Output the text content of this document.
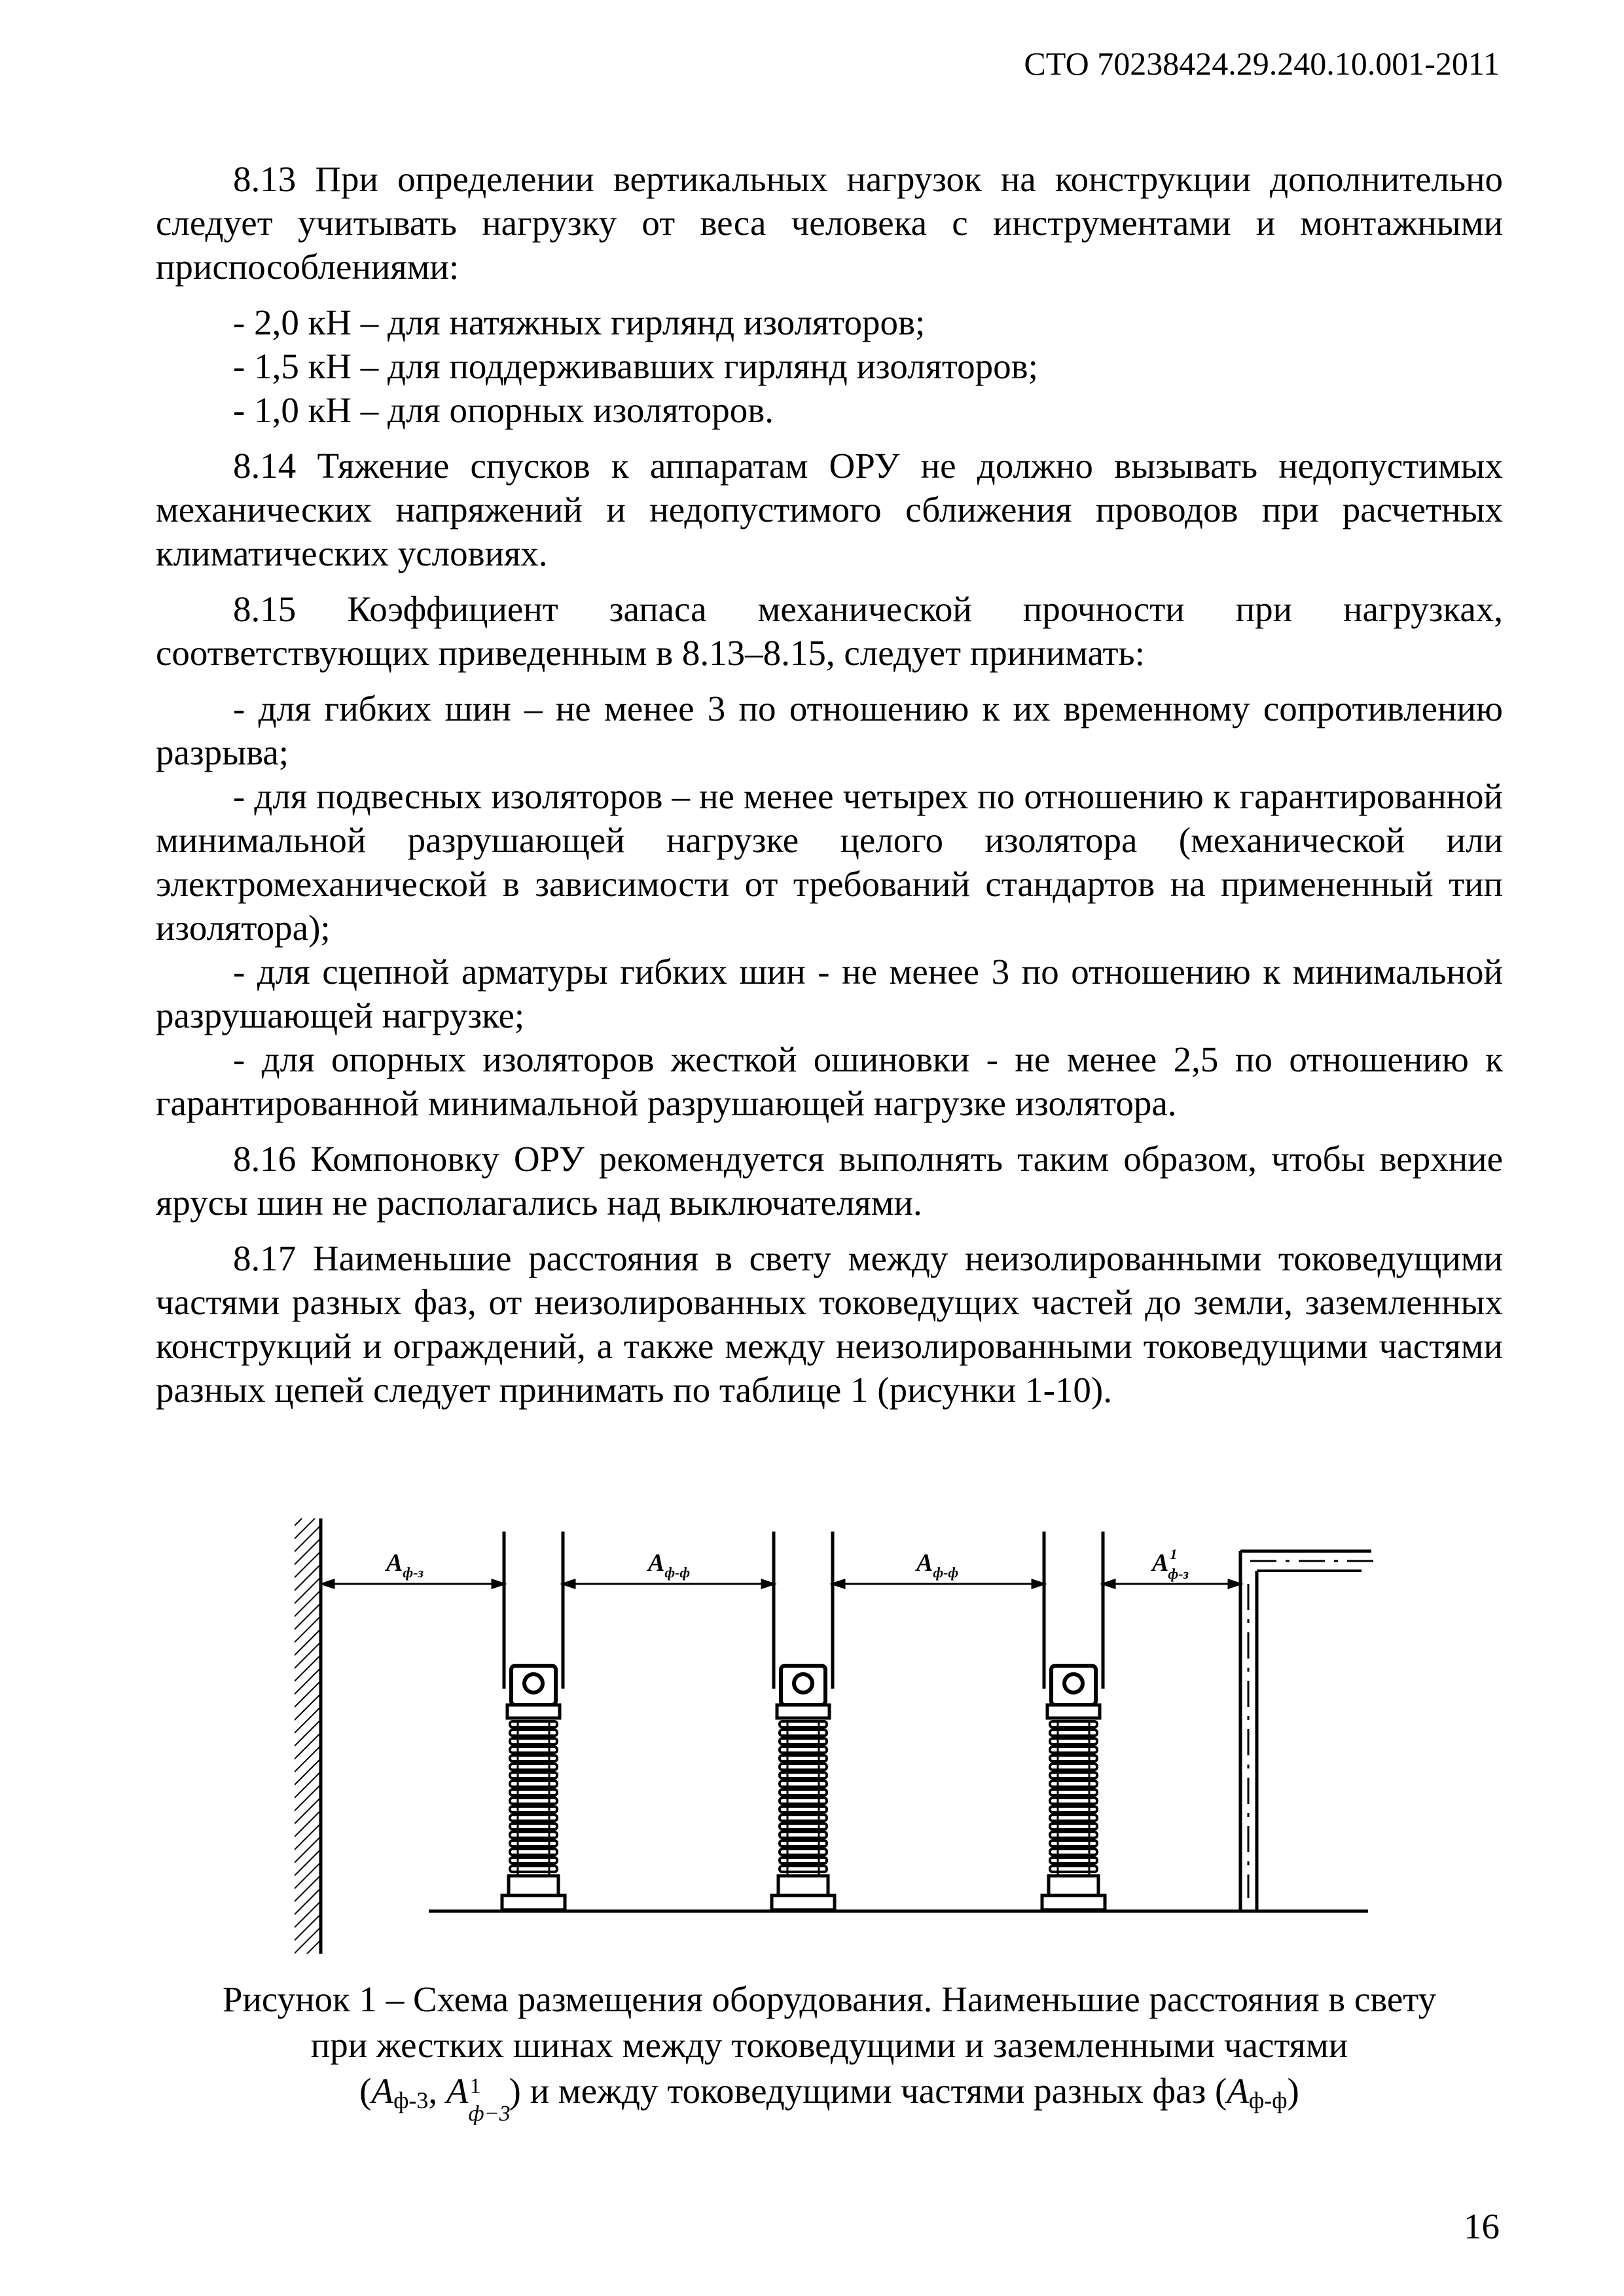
СТО 70238424.29.240.10.001-2011

8.13 При определении вертикальных нагрузок на конструкции дополнительно следует учитывать нагрузку от веса человека с инструментами и монтажными приспособлениями:

- 2,0 кН – для натяжных гирлянд изоляторов;

- 1,5 кН – для поддерживавших гирлянд изоляторов;

- 1,0 кН – для опорных изоляторов.

8.14 Тяжение спусков к аппаратам ОРУ не должно вызывать недопустимых механических напряжений и недопустимого сближения проводов при расчетных климатических условиях.

8.15 Коэффициент запаса механической прочности при нагрузках, соответствующих приведенным в 8.13–8.15, следует принимать:

- для гибких шин – не менее 3 по отношению к их временному сопротивлению разрыва;

- для подвесных изоляторов – не менее четырех по отношению к гарантированной минимальной разрушающей нагрузке целого изолятора (механической или электромеханической в зависимости от требований стандартов на примененный тип изолятора);

- для сцепной арматуры гибких шин - не менее 3 по отношению к минимальной разрушающей нагрузке;

- для опорных изоляторов жесткой ошиновки - не менее 2,5 по отношению к гарантированной минимальной разрушающей нагрузке изолятора.

8.16 Компоновку ОРУ рекомендуется выполнять таким образом, чтобы верхние ярусы шин не располагались над выключателями.

8.17 Наименьшие расстояния в свету между неизолированными токоведущими частями разных фаз, от неизолированных токоведущих частей до земли, заземленных конструкций и ограждений, а также между неизолированными токоведущими частями разных цепей следует принимать по таблице 1 (рисунки 1-10).

$A_{ф-з}$	$A_{ф-ф}$	$A_{ф-ф}$	$A^1$ ф-з
Рисунок 1 – Схема размещения оборудования. Наименьшие расстояния в свету
при жестких шинах между токоведущими и заземленными частями
($A_{ф-3}$, A 1
ф−3
) и между токоведущими частями разных фаз $(A_{ф-ф})$
16
